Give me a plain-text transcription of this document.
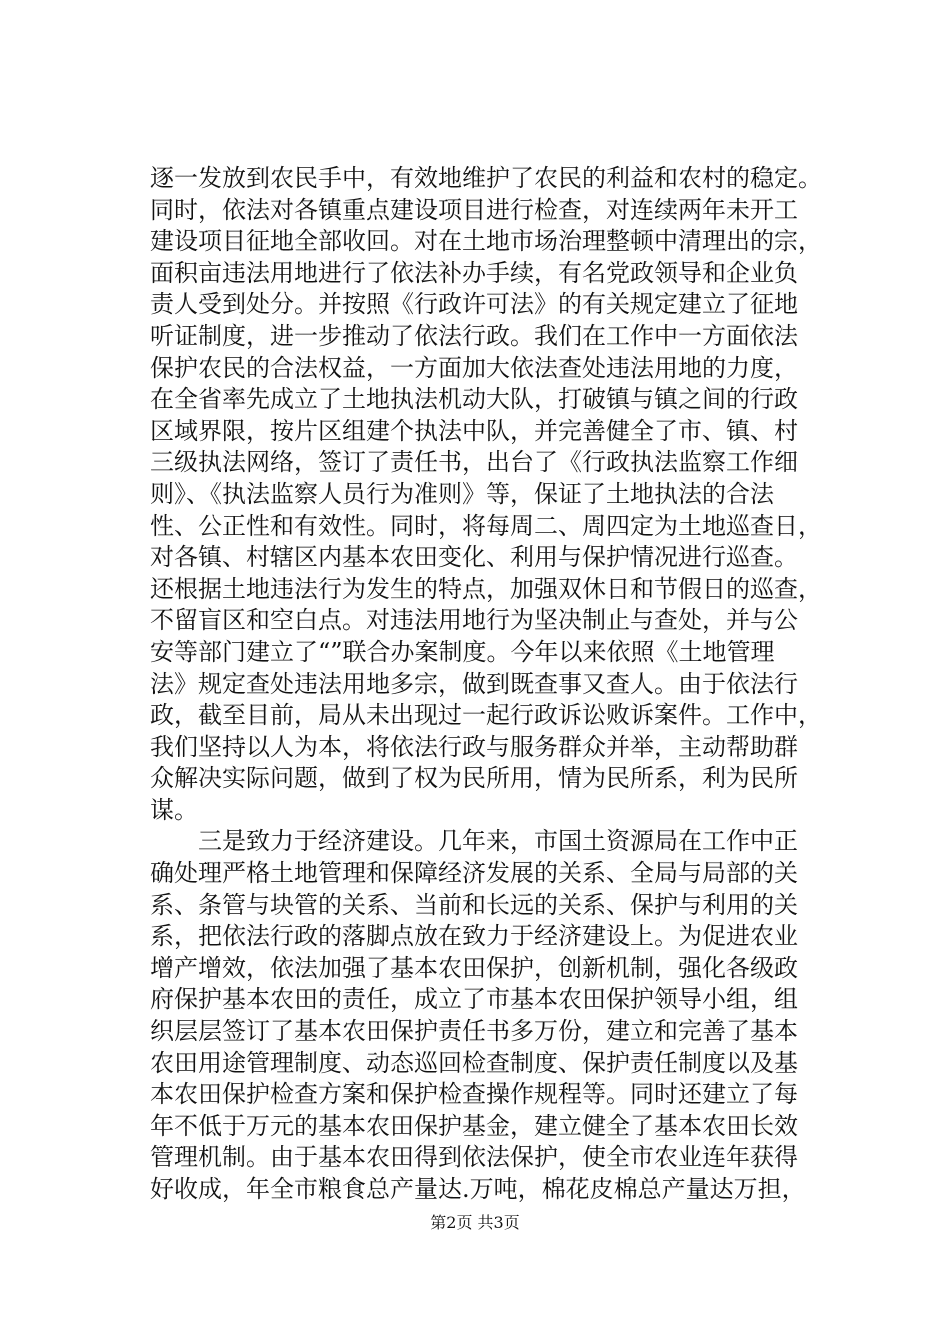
逐一发放到农民手中，有效地维护了农民的利益和农村的稳定。
同时，依法对各镇重点建设项目进行检查，对连续两年未开工
建设项目征地全部收回。对在土地市场治理整顿中清理出的宗，
面积亩违法用地进行了依法补办手续，有名党政领导和企业负
责人受到处分。并按照《行政许可法》的有关规定建立了征地
听证制度，进一步推动了依法行政。我们在工作中一方面依法
保护农民的合法权益，一方面加大依法查处违法用地的力度，
在全省率先成立了土地执法机动大队，打破镇与镇之间的行政
区域界限，按片区组建个执法中队，并完善健全了市、镇、村
三级执法网络，签订了责任书，出台了《行政执法监察工作细
则》、《执法监察人员行为准则》等，保证了土地执法的合法
性、公正性和有效性。同时，将每周二、周四定为土地巡查日，
对各镇、村辖区内基本农田变化、利用与保护情况进行巡查。
还根据土地违法行为发生的特点，加强双休日和节假日的巡查，
不留盲区和空白点。对违法用地行为坚决制止与查处，并与公
安等部门建立了“”联合办案制度。今年以来依照《土地管理
法》规定查处违法用地多宗，做到既查事又查人。由于依法行
政，截至目前，局从未出现过一起行政诉讼败诉案件。工作中，
我们坚持以人为本，将依法行政与服务群众并举，主动帮助群
众解决实际问题，做到了权为民所用，情为民所系，利为民所
谋。
三是致力于经济建设。几年来，市国土资源局在工作中正
确处理严格土地管理和保障经济发展的关系、全局与局部的关
系、条管与块管的关系、当前和长远的关系、保护与利用的关
系，把依法行政的落脚点放在致力于经济建设上。为促进农业
增产增效，依法加强了基本农田保护，创新机制，强化各级政
府保护基本农田的责任，成立了市基本农田保护领导小组，组
织层层签订了基本农田保护责任书多万份，建立和完善了基本
农田用途管理制度、动态巡回检查制度、保护责任制度以及基
本农田保护检查方案和保护检查操作规程等。同时还建立了每
年不低于万元的基本农田保护基金，建立健全了基本农田长效
管理机制。由于基本农田得到依法保护，使全市农业连年获得
好收成，年全市粮食总产量达.万吨，棉花皮棉总产量达万担，
第2页 共3页
